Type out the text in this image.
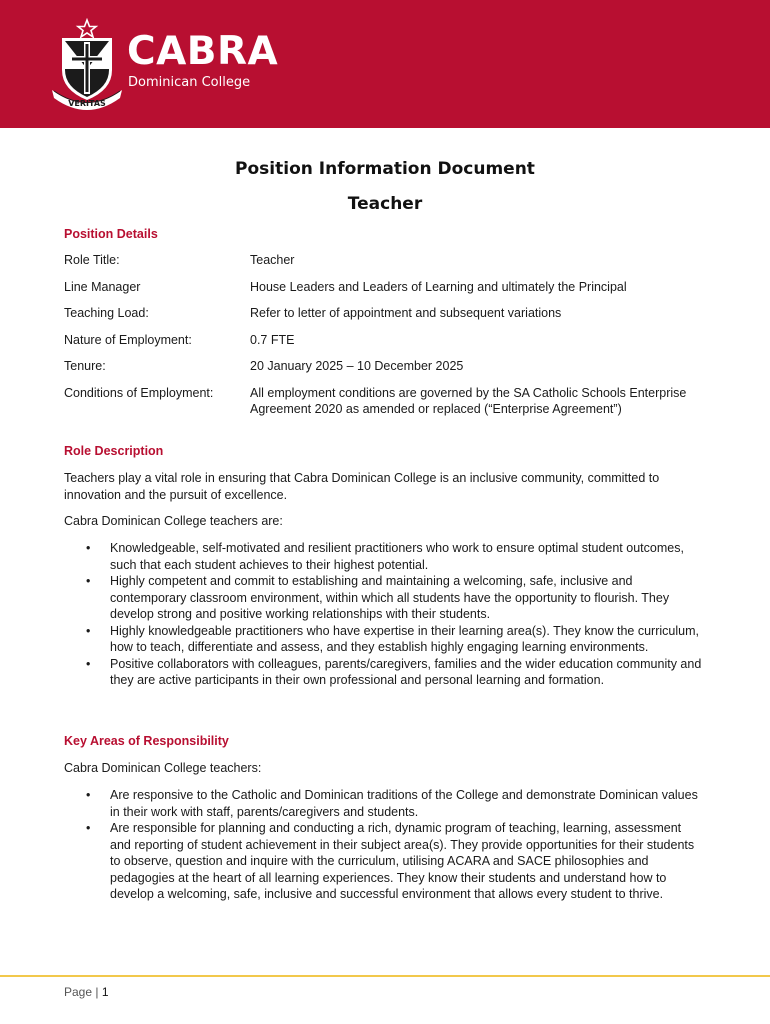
VERITAS
CABRA
Dominican College
Position Information Document
Teacher
Position Details
Role Title:	Teacher
Line Manager	House Leaders and Leaders of Learning and ultimately the Principal
Teaching Load:	Refer to letter of appointment and subsequent variations
Nature of Employment:	0.7 FTE
Tenure:	20 January 2025 – 10 December 2025
Conditions of Employment:	All employment conditions are governed by the SA Catholic Schools Enterprise Agreement 2020 as amended or replaced (“Enterprise Agreement”)
Role Description

Teachers play a vital role in ensuring that Cabra Dominican College is an inclusive community, committed to innovation and the pursuit of excellence.

Cabra Dominican College teachers are:

• Knowledgeable, self-motivated and resilient practitioners who work to ensure optimal student outcomes, such that each student achieves to their highest potential.
• Highly competent and commit to establishing and maintaining a welcoming, safe, inclusive and contemporary classroom environment, within which all students have the opportunity to flourish. They develop strong and positive working relationships with their students.
• Highly knowledgeable practitioners who have expertise in their learning area(s). They know the curriculum, how to teach, differentiate and assess, and they establish highly engaging learning environments.
• Positive collaborators with colleagues, parents/caregivers, families and the wider education community and they are active participants in their own professional and personal learning and formation.
Key Areas of Responsibility

Cabra Dominican College teachers:

• Are responsive to the Catholic and Dominican traditions of the College and demonstrate Dominican values in their work with staff, parents/caregivers and students.
• Are responsible for planning and conducting a rich, dynamic program of teaching, learning, assessment and reporting of student achievement in their subject area(s). They provide opportunities for their students to observe, question and inquire with the curriculum, utilising ACARA and SACE philosophies and pedagogies at the heart of all learning experiences. They know their students and understand how to develop a welcoming, safe, inclusive and successful environment that allows every student to thrive.
Page | 1
